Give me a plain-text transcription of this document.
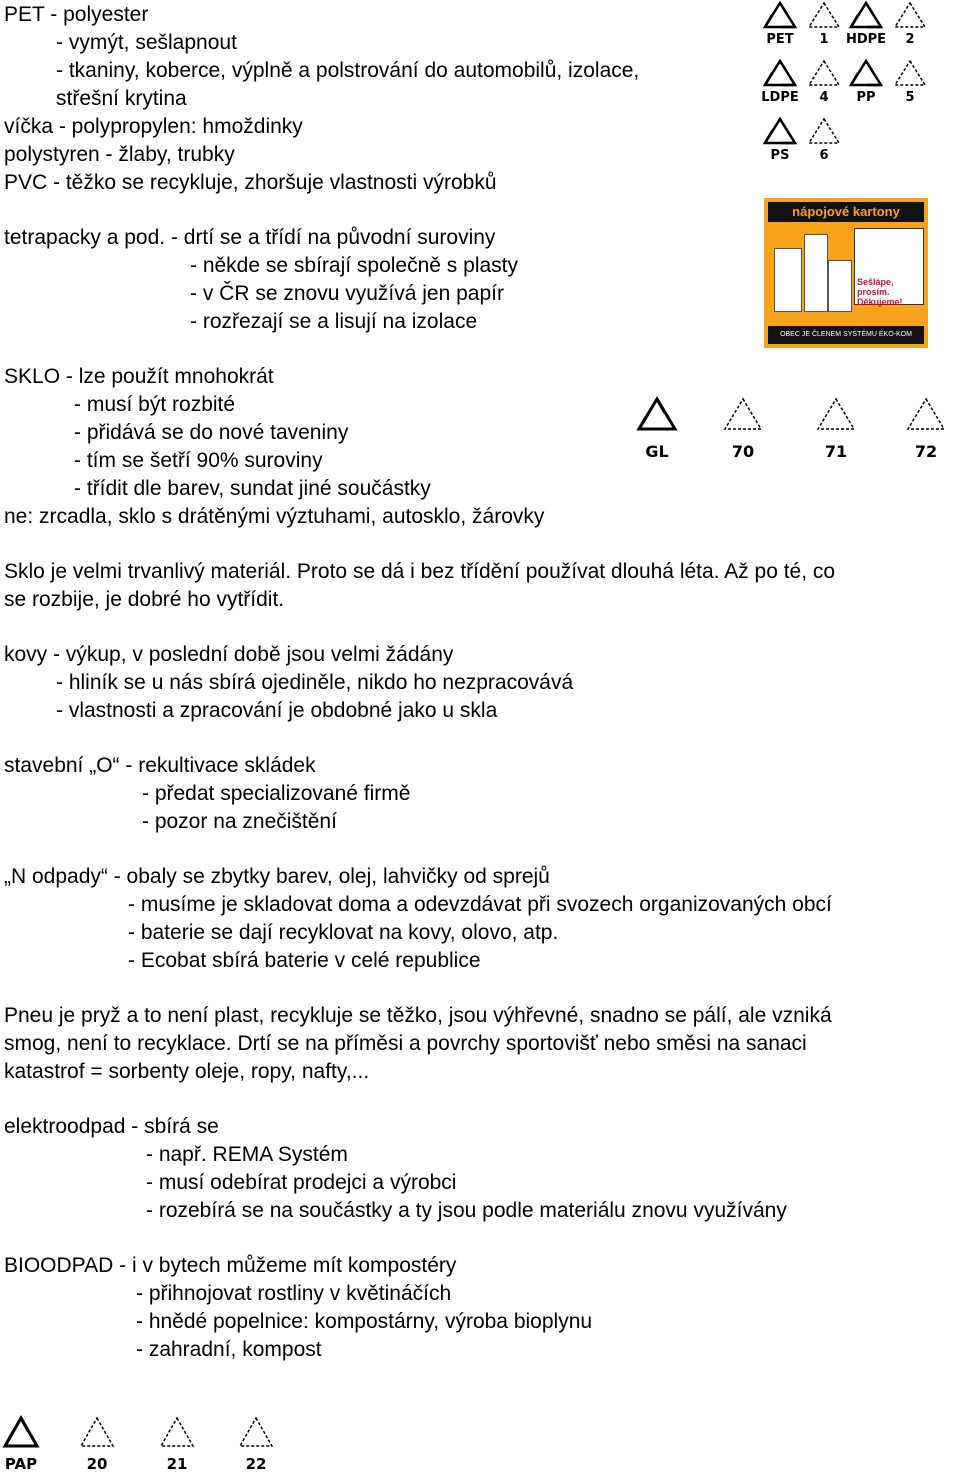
PET - polyester
- vymýt, sešlapnout
- tkaniny, koberce, výplně a polstrování do automobilů, izolace,
střešní krytina
víčka - polypropylen: hmoždinky
polystyren - žlaby, trubky
PVC - těžko se recykluje, zhoršuje vlastnosti výrobků
tetrapacky a pod. - drtí se a třídí na původní suroviny
- někde se sbírají společně s plasty
- v ČR se znovu využívá jen papír
- rozřezají se a lisují na izolace
SKLO - lze použít mnohokrát
- musí být rozbité
- přidává se do nové taveniny
- tím se šetří 90% suroviny
- třídit dle barev, sundat jiné součástky
ne: zrcadla, sklo s drátěnými výztuhami, autosklo, žárovky
Sklo je velmi trvanlivý materiál. Proto se dá i bez třídění používat dlouhá léta. Až po té, co
se rozbije, je dobré ho vytřídit.
kovy - výkup, v poslední době jsou velmi žádány
- hliník se u nás sbírá ojediněle, nikdo ho nezpracovává
- vlastnosti a zpracování je obdobné jako u skla
stavební „O“ - rekultivace skládek
- předat specializované firmě
- pozor na znečištění
„N odpady“ - obaly se zbytky barev, olej, lahvičky od sprejů
- musíme je skladovat doma a odevzdávat při svozech organizovaných obcí
- baterie se dají recyklovat na kovy, olovo, atp.
- Ecobat sbírá baterie v celé republice
Pneu je pryž a to není plast, recykluje se těžko, jsou výhřevné, snadno se pálí, ale vzniká
smog, není to recyklace. Drtí se na příměsi a povrchy sportovišť nebo směsi na sanaci
katastrof = sorbenty oleje, ropy, nafty,...
elektroodpad - sbírá se
- např. REMA Systém
- musí odebírat prodejci a výrobci
- rozebírá se na součástky a ty jsou podle materiálu znovu využívány
BIOODPAD - i v bytech můžeme mít kompostéry
- přihnojovat rostliny v květináčích
- hnědé popelnice: kompostárny, výroba bioplynu
- zahradní, kompost
PET	1	HDPE	2
LDPE	4	PP	5
PS	6
nápojové kartony
Sešlápe, prosím. Děkujeme!
OBEC JE ČLENEM SYSTÉMU EKO-KOM
GL	70	71	72
PAP	20	21	22
